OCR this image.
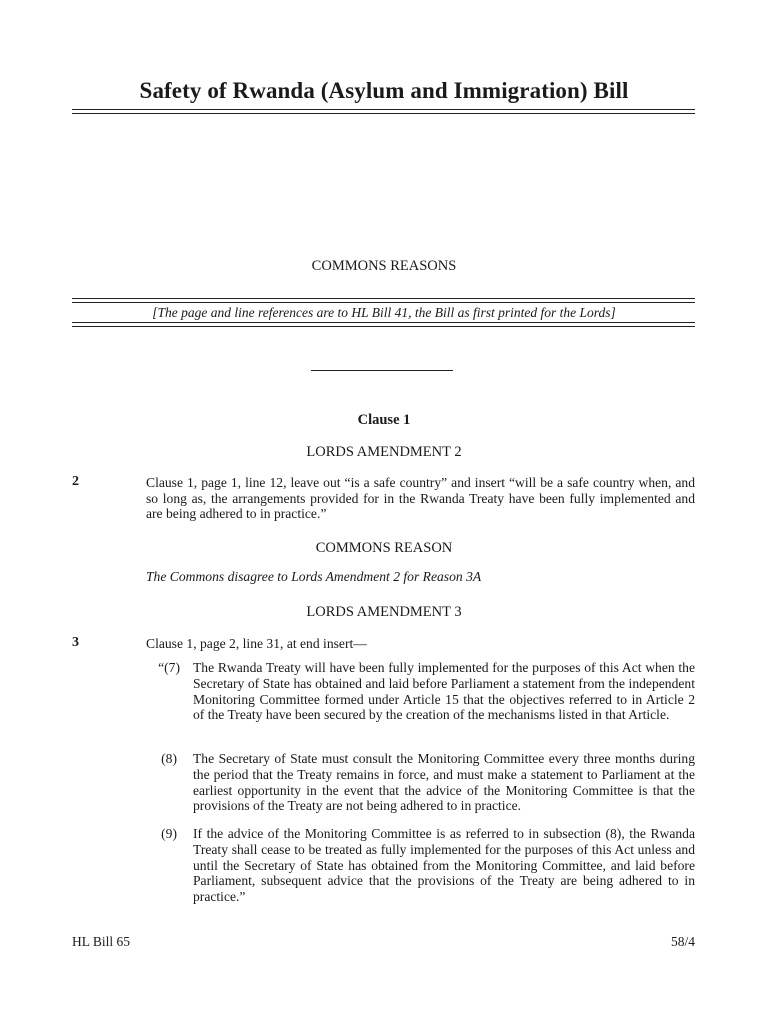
Safety of Rwanda (Asylum and Immigration) Bill
COMMONS REASONS
[The page and line references are to HL Bill 41, the Bill as first printed for the Lords]
Clause 1
LORDS AMENDMENT 2
2	Clause 1, page 1, line 12, leave out “is a safe country” and insert “will be a safe country when, and so long as, the arrangements provided for in the Rwanda Treaty have been fully implemented and are being adhered to in practice.”
COMMONS REASON
The Commons disagree to Lords Amendment 2 for Reason 3A
LORDS AMENDMENT 3
3	Clause 1, page 2, line 31, at end insert—
“(7) The Rwanda Treaty will have been fully implemented for the purposes of this Act when the Secretary of State has obtained and laid before Parliament a statement from the independent Monitoring Committee formed under Article 15 that the objectives referred to in Article 2 of the Treaty have been secured by the creation of the mechanisms listed in that Article.
(8) The Secretary of State must consult the Monitoring Committee every three months during the period that the Treaty remains in force, and must make a statement to Parliament at the earliest opportunity in the event that the advice of the Monitoring Committee is that the provisions of the Treaty are not being adhered to in practice.
(9) If the advice of the Monitoring Committee is as referred to in subsection (8), the Rwanda Treaty shall cease to be treated as fully implemented for the purposes of this Act unless and until the Secretary of State has obtained from the Monitoring Committee, and laid before Parliament, subsequent advice that the provisions of the Treaty are being adhered to in practice.”
HL Bill 65	58/4
